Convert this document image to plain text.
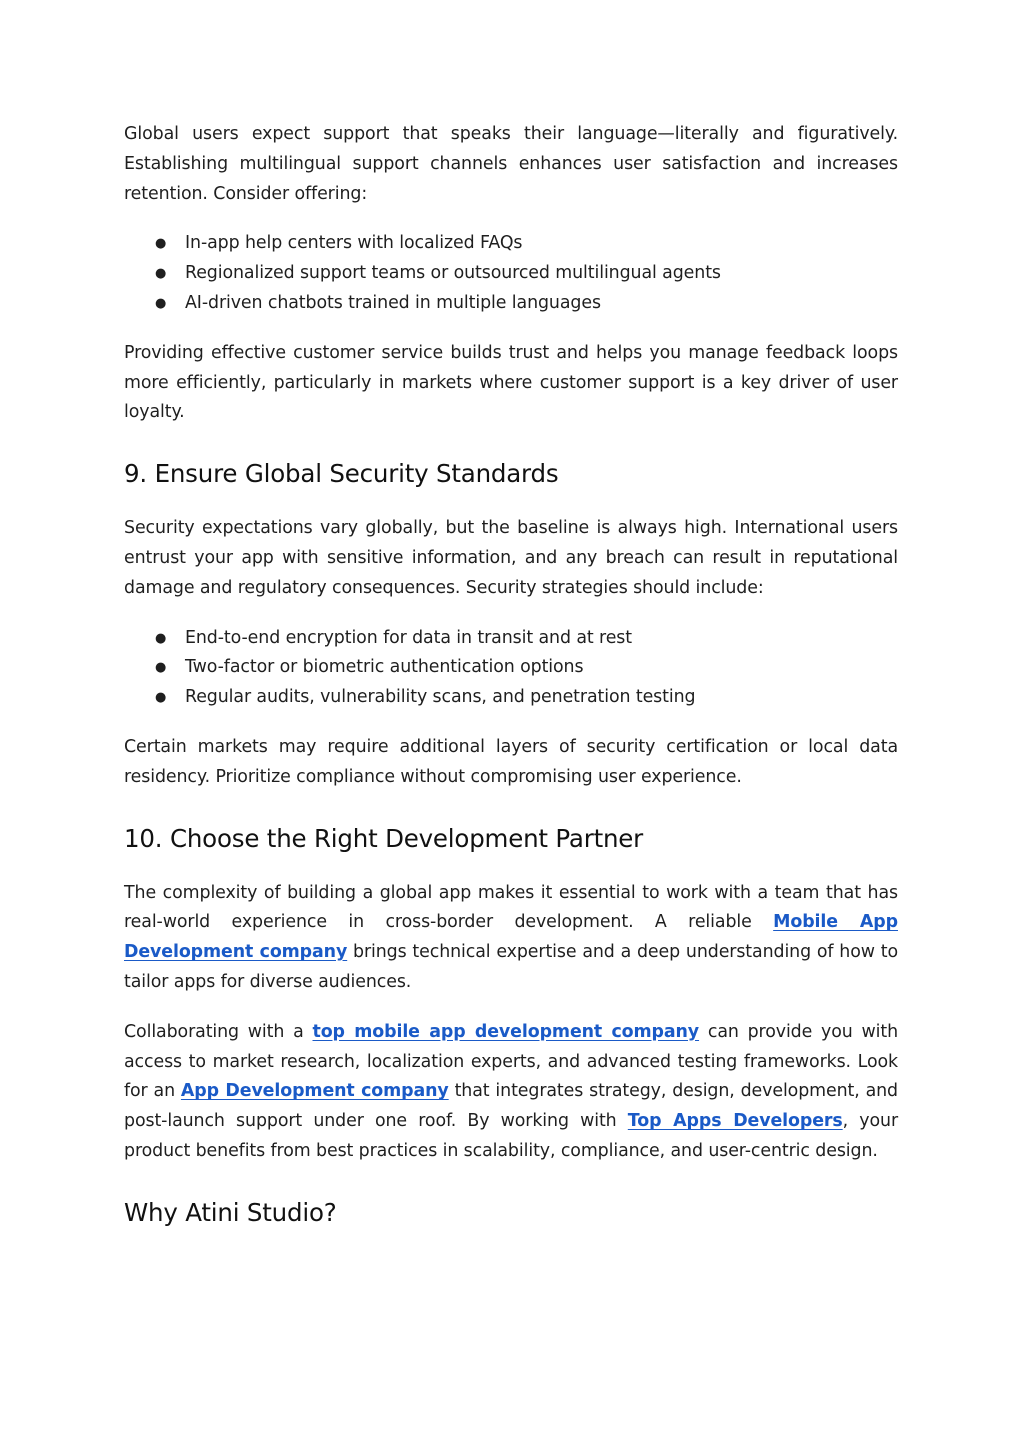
Global users expect support that speaks their language—literally and figuratively. Establishing multilingual support channels enhances user satisfaction and increases retention. Consider offering:

● In-app help centers with localized FAQs
● Regionalized support teams or outsourced multilingual agents
● AI-driven chatbots trained in multiple languages

Providing effective customer service builds trust and helps you manage feedback loops more efficiently, particularly in markets where customer support is a key driver of user loyalty.

9. Ensure Global Security Standards

Security expectations vary globally, but the baseline is always high. International users entrust your app with sensitive information, and any breach can result in reputational damage and regulatory consequences. Security strategies should include:

● End-to-end encryption for data in transit and at rest
● Two-factor or biometric authentication options
● Regular audits, vulnerability scans, and penetration testing

Certain markets may require additional layers of security certification or local data residency. Prioritize compliance without compromising user experience.

10. Choose the Right Development Partner

The complexity of building a global app makes it essential to work with a team that has real-world experience in cross-border development. A reliable Mobile App Development company brings technical expertise and a deep understanding of how to tailor apps for diverse audiences.

Collaborating with a top mobile app development company can provide you with access to market research, localization experts, and advanced testing frameworks. Look for an App Development company that integrates strategy, design, development, and post-launch support under one roof. By working with Top Apps Developers, your product benefits from best practices in scalability, compliance, and user-centric design.

Why Atini Studio?
